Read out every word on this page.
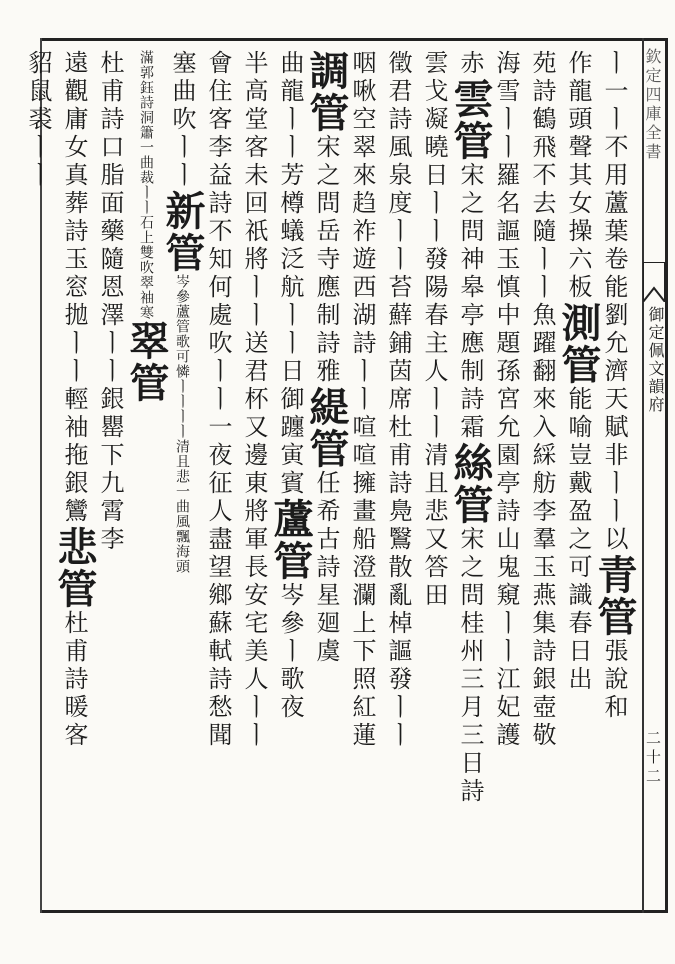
欽定四庫全書
御定佩文韻府
二十二
ㅣ一ㅣ不用蘆葉卷能劉允濟天賦非ㅣㅣ以青管張說和
作龍頭聲其女操六板測管能喻豈戴盈之可識春日出
苑詩鶴飛不去隨ㅣㅣ魚躍翻來入綵舫李羣玉燕集詩銀壺敬
海雪ㅣㅣ羅名謳玉慎中題孫宮允園亭詩山鬼窺ㅣㅣ江妃護
赤雲管宋之問神皋亭應制詩霜絲管宋之問桂州三月三日詩
雲戈凝曉日ㅣㅣ發陽春主人ㅣㅣ清且悲又答田
徵君詩風泉度ㅣㅣ苔蘚鋪茵席杜甫詩鳧鷖散亂棹謳發ㅣㅣ
咽啾空翠來趋祚遊西湖詩ㅣㅣ喧喧擁畫船澄瀾上下照紅蓮
調管宋之問岳寺應制詩雅緹管任希古詩星廻虞
曲龍ㅣㅣ芳樽蟻泛航ㅣㅣ日御躔寅賓蘆管岑參ㅣ歌夜
半高堂客未回祇將ㅣㅣ送君杯又邊東將軍長安宅美人ㅣㅣ
會住客李益詩不知何處吹ㅣㅣ一夜征人盡望鄉蘇軾詩愁聞
塞曲吹ㅣㅣ新管岑參蘆管歌可憐ㅣㅣㅣㅣ清且悲一曲風飄海頭
滿郭鈺詩洞簫一曲裁ㅣㅣ石上雙吹翠袖寒翠管
杜甫詩口脂面藥隨恩澤ㅣㅣ銀罌下九霄李
遠觀庸女真葬詩玉窓拋ㅣㅣ輕袖拖銀鸞悲管杜甫詩暖客
貂鼠裘ㅣㅣ
